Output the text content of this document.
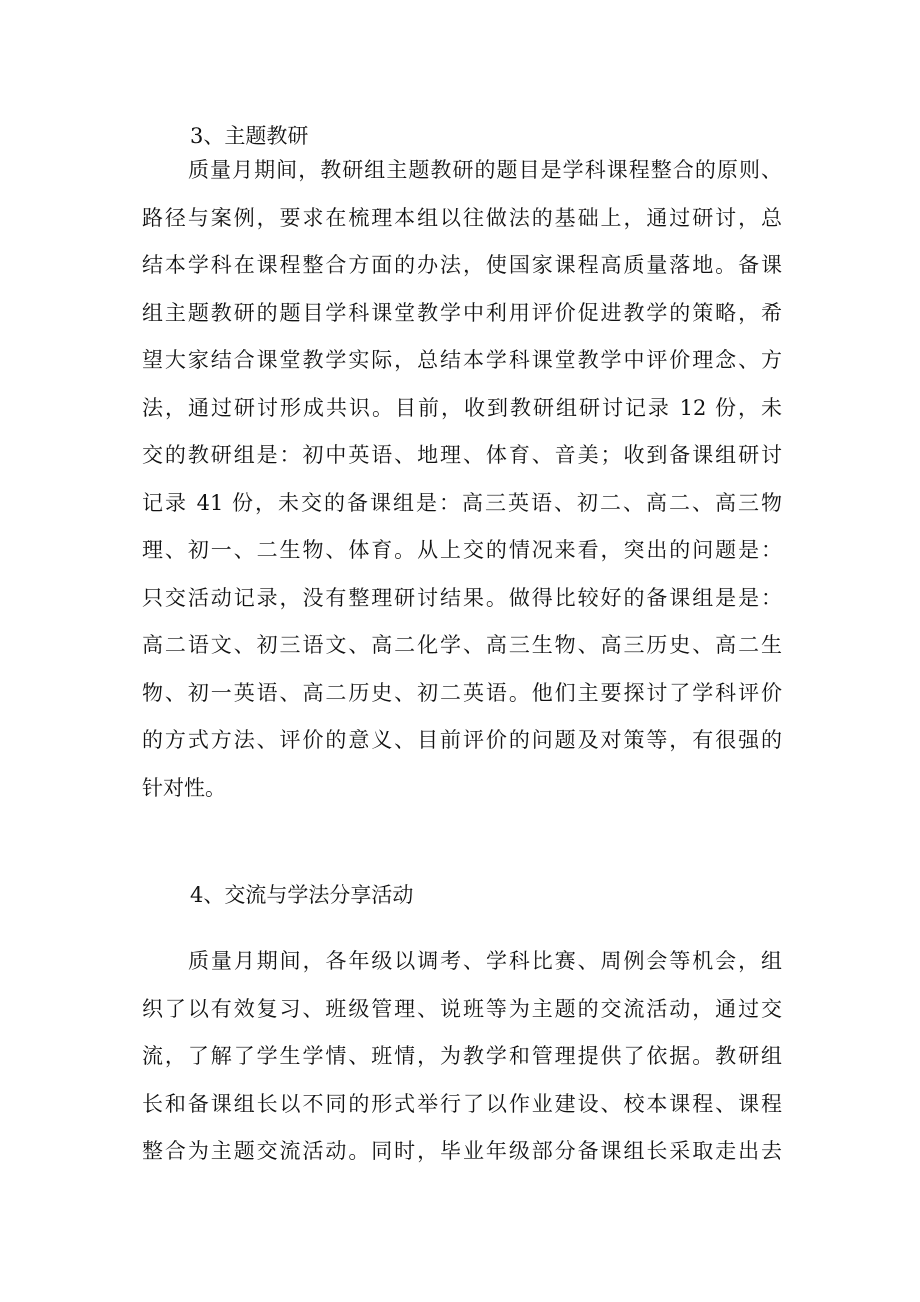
3、主题教研
质量月期间，教研组主题教研的题目是学科课程整合的原则、
路径与案例，要求在梳理本组以往做法的基础上，通过研讨，总
结本学科在课程整合方面的办法，使国家课程高质量落地。备课
组主题教研的题目学科课堂教学中利用评价促进教学的策略，希
望大家结合课堂教学实际，总结本学科课堂教学中评价理念、方
法，通过研讨形成共识。目前，收到教研组研讨记录 12 份，未
交的教研组是：初中英语、地理、体育、音美；收到备课组研讨
记录 41 份，未交的备课组是：高三英语、初二、高二、高三物
理、初一、二生物、体育。从上交的情况来看，突出的问题是：
只交活动记录，没有整理研讨结果。做得比较好的备课组是是：
高二语文、初三语文、高二化学、高三生物、高三历史、高二生
物、初一英语、高二历史、初二英语。他们主要探讨了学科评价
的方式方法、评价的意义、目前评价的问题及对策等，有很强的
针对性。
4、交流与学法分享活动
质量月期间，各年级以调考、学科比赛、周例会等机会，组
织了以有效复习、班级管理、说班等为主题的交流活动，通过交
流，了解了学生学情、班情，为教学和管理提供了依据。教研组
长和备课组长以不同的形式举行了以作业建设、校本课程、课程
整合为主题交流活动。同时，毕业年级部分备课组长采取走出去
